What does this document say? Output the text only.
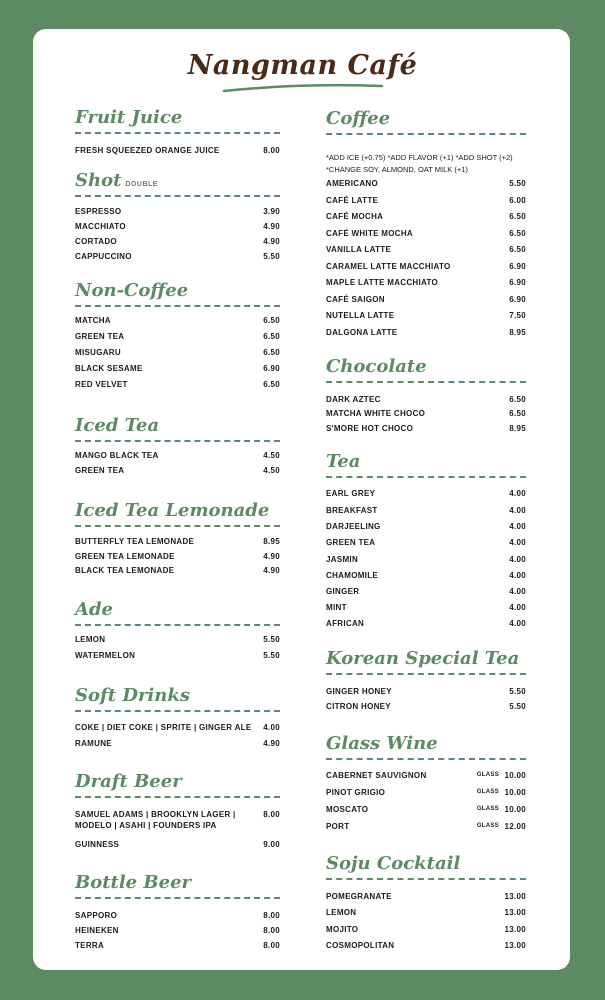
Nangman Café
Fruit Juice
FRESH SQUEEZED ORANGE JUICE	8.00
Shot DOUBLE
ESPRESSO	3.90
MACCHIATO	4.90
CORTADO	4.90
CAPPUCCINO	5.50
Non-Coffee
MATCHA	6.50
GREEN TEA	6.50
MISUGARU	6.50
BLACK SESAME	6.90
RED VELVET	6.50
Iced Tea
MANGO BLACK TEA	4.50
GREEN TEA	4.50
Iced Tea Lemonade
BUTTERFLY TEA LEMONADE	8.95
GREEN TEA LEMONADE	4.90
BLACK TEA LEMONADE	4.90
Ade
LEMON	5.50
WATERMELON	5.50
Soft Drinks
COKE | DIET COKE | SPRITE | GINGER ALE 4.00
RAMUNE	4.90
Draft Beer
SAMUEL ADAMS | BROOKLYN LAGER |	8.00
MODELO | ASAHI | FOUNDERS IPA
GUINNESS	9.00
Bottle Beer
SAPPORO	8.00
HEINEKEN	8.00
TERRA	8.00
Coffee
*ADD ICE (+0.75) *ADD FLAVOR (+1) *ADD SHOT (+2)
*CHANGE SOY, ALMOND, OAT MILK (+1)
AMERICANO	5.50
CAFÉ LATTE	6.00
CAFÉ MOCHA	6.50
CAFÉ WHITE MOCHA	6.50
VANILLA LATTE	6.50
CARAMEL LATTE MACCHIATO	6.90
MAPLE LATTE MACCHIATO	6.90
CAFÉ SAIGON	6.90
NUTELLA LATTE	7.50
DALGONA LATTE	8.95
Chocolate
DARK AZTEC	6.50
MATCHA WHITE CHOCO	6.50
S'MORE HOT CHOCO	8.95
Tea
EARL GREY	4.00
BREAKFAST	4.00
DARJEELING	4.00
GREEN TEA	4.00
JASMIN	4.00
CHAMOMILE	4.00
GINGER	4.00
MINT	4.00
AFRICAN	4.00
Korean Special Tea
GINGER HONEY	5.50
CITRON HONEY	5.50
Glass Wine
CABERNET SAUVIGNON	GLASS 10.00
PINOT GRIGIO	GLASS 10.00
MOSCATO	GLASS 10.00
PORT	GLASS 12.00
Soju Cocktail
POMEGRANATE	13.00
LEMON	13.00
MOJITO	13.00
COSMOPOLITAN	13.00
